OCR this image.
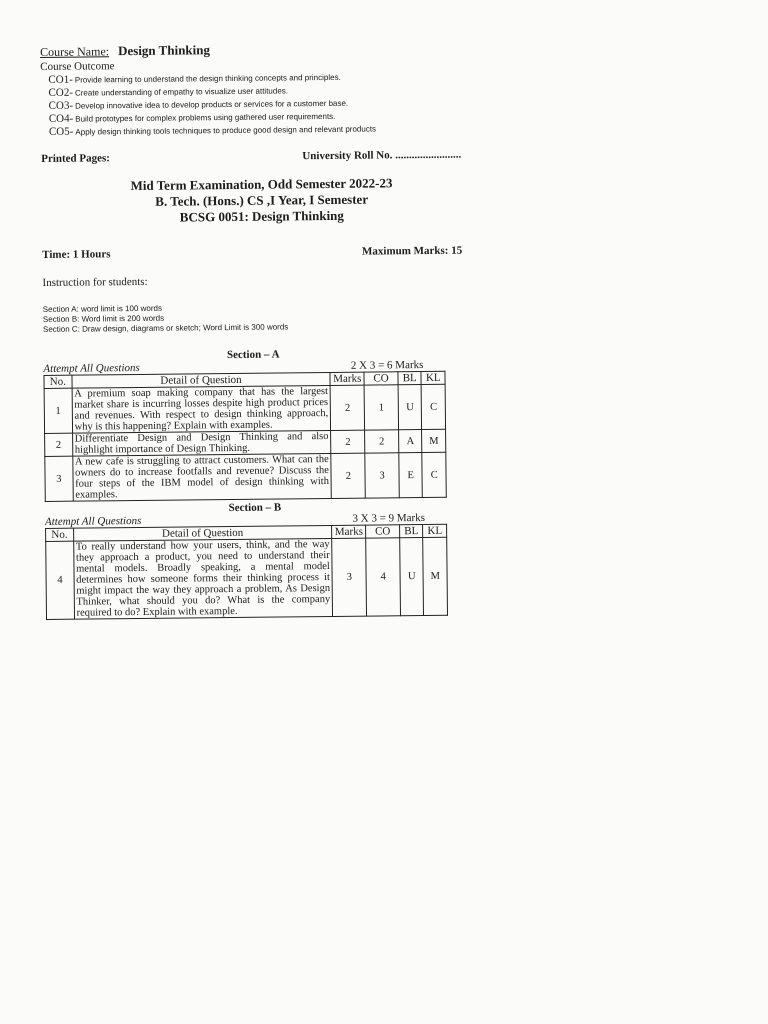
Course Name: Design Thinking
Course Outcome
CO1- Provide learning to understand the design thinking concepts and principles.
CO2- Create understanding of empathy to visualize user attitudes.
CO3- Develop innovative idea to develop products or services for a customer base.
CO4- Build prototypes for complex problems using gathered user requirements.
CO5- Apply design thinking tools techniques to produce good design and relevant products
Printed Pages:	University Roll No. ........................
Mid Term Examination, Odd Semester 2022-23
B. Tech. (Hons.) CS ,I Year, I Semester
BCSG 0051: Design Thinking
Time: 1 Hours	Maximum Marks: 15
Instruction for students:
Section A: word limit is 100 words
Section B: Word limit is 200 words
Section C: Draw design, diagrams or sketch; Word Limit is 300 words
Section – A
Attempt All Questions	2 X 3 = 6 Marks
No.	Detail of Question	Marks	CO	BL	KL
1	A premium soap making company that has the largest market share is incurring losses despite high product prices and revenues. With respect to design thinking approach, why is this happening? Explain with examples.	2	1	U	C
2	Differentiate Design and Design Thinking and also highlight importance of Design Thinking.	2	2	A	M
3	A new cafe is struggling to attract customers. What can the owners do to increase footfalls and revenue? Discuss the four steps of the IBM model of design thinking with examples.	2	3	E	C
Section – B
Attempt All Questions	3 X 3 = 9 Marks
No.	Detail of Question	Marks	CO	BL	KL
4	To really understand how your users, think, and the way they approach a product, you need to understand their mental models. Broadly speaking, a mental model determines how someone forms their thinking process it might impact the way they approach a problem, As Design Thinker, what should you do? What is the company required to do? Explain with example.	3	4	U	M
